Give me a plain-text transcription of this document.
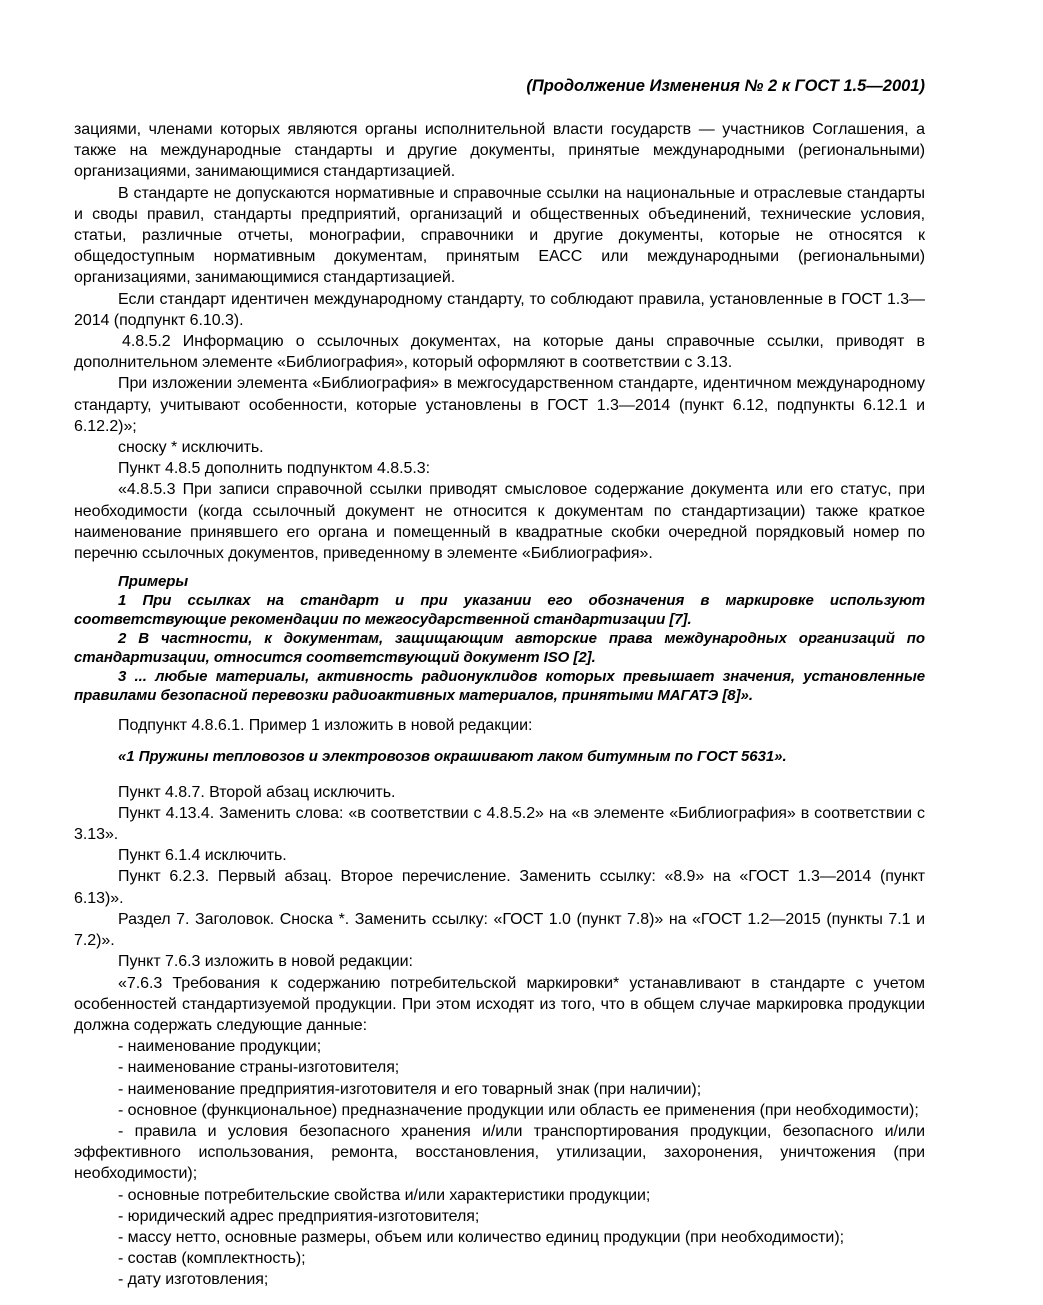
(Продолжение Изменения № 2 к ГОСТ 1.5—2001)

зациями, членами которых являются органы исполнительной власти государств — участников Соглашения, а также на международные стандарты и другие документы, принятые международными (региональными) организациями, занимающимися стандартизацией.

В стандарте не допускаются нормативные и справочные ссылки на национальные и отраслевые стандарты и своды правил, стандарты предприятий, организаций и общественных объединений, технические условия, статьи, различные отчеты, монографии, справочники и другие документы, которые не относятся к общедоступным нормативным документам, принятым ЕАСС или международными (региональными) организациями, занимающимися стандартизацией.

Если стандарт идентичен международному стандарту, то соблюдают правила, установленные в ГОСТ 1.3—2014 (подпункт 6.10.3).

4.8.5.2 Информацию о ссылочных документах, на которые даны справочные ссылки, приводят в дополнительном элементе «Библиография», который оформляют в соответствии с 3.13.

При изложении элемента «Библиография» в межгосударственном стандарте, идентичном международному стандарту, учитывают особенности, которые установлены в ГОСТ 1.3—2014 (пункт 6.12, подпункты 6.12.1 и 6.12.2)»;

сноску * исключить.

Пункт 4.8.5 дополнить подпунктом 4.8.5.3:

«4.8.5.3 При записи справочной ссылки приводят смысловое содержание документа или его статус, при необходимости (когда ссылочный документ не относится к документам по стандартизации) также краткое наименование принявшего его органа и помещенный в квадратные скобки очередной порядковый номер по перечню ссылочных документов, приведенному в элементе «Библиография».

Примеры

1 При ссылках на стандарт и при указании его обозначения в маркировке используют соответствующие рекомендации по межгосударственной стандартизации [7].

2 В частности, к документам, защищающим авторские права международных организаций по стандартизации, относится соответствующий документ ISO [2].

3 ... любые материалы, активность радионуклидов которых превышает значения, установленные правилами безопасной перевозки радиоактивных материалов, принятыми МАГАТЭ [8]».

Подпункт 4.8.6.1. Пример 1 изложить в новой редакции:

«1 Пружины тепловозов и электровозов окрашивают лаком битумным по ГОСТ 5631».

Пункт 4.8.7. Второй абзац исключить.

Пункт 4.13.4. Заменить слова: «в соответствии с 4.8.5.2» на «в элементе «Библиография» в соответствии с 3.13».

Пункт 6.1.4 исключить.

Пункт 6.2.3. Первый абзац. Второе перечисление. Заменить ссылку: «8.9» на «ГОСТ 1.3—2014 (пункт 6.13)».

Раздел 7. Заголовок. Сноска *. Заменить ссылку: «ГОСТ 1.0 (пункт 7.8)» на «ГОСТ 1.2—2015 (пункты 7.1 и 7.2)».

Пункт 7.6.3 изложить в новой редакции:

«7.6.3 Требования к содержанию потребительской маркировки* устанавливают в стандарте с учетом особенностей стандартизуемой продукции. При этом исходят из того, что в общем случае маркировка продукции должна содержать следующие данные:

- наименование продукции;

- наименование страны-изготовителя;

- наименование предприятия-изготовителя и его товарный знак (при наличии);

- основное (функциональное) предназначение продукции или область ее применения (при необходимости);

- правила и условия безопасного хранения и/или транспортирования продукции, безопасного и/или эффективного использования, ремонта, восстановления, утилизации, захоронения, уничтожения (при необходимости);

- основные потребительские свойства и/или характеристики продукции;

- юридический адрес предприятия-изготовителя;

- массу нетто, основные размеры, объем или количество единиц продукции (при необходимости);

- состав (комплектность);

- дату изготовления;
